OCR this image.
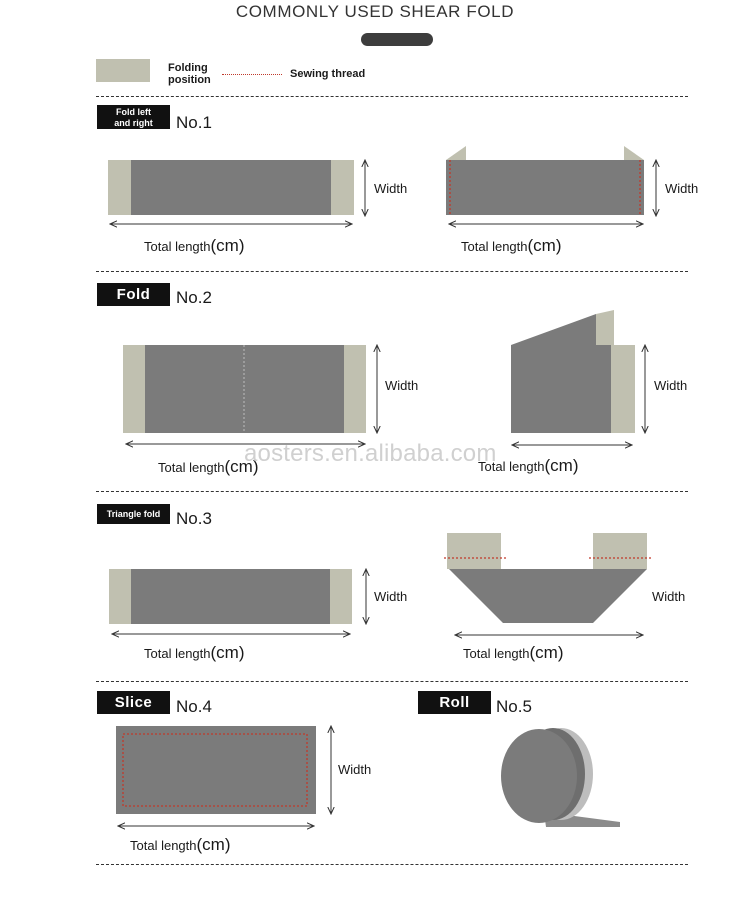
COMMONLY USED SHEAR FOLD
Folding
position	Sewing thread
Fold left
and right	No.1
Fold	No.2
Triangle fold No.3
Slice	No.4	Roll	No.5
Width	Width
Width	Width
Width	Width
Width
Total length(cm)	Total length(cm)
Total length(cm)	Total length(cm)
Total length(cm)	Total length(cm)
Total length(cm)
aosters.en.alibaba.com
